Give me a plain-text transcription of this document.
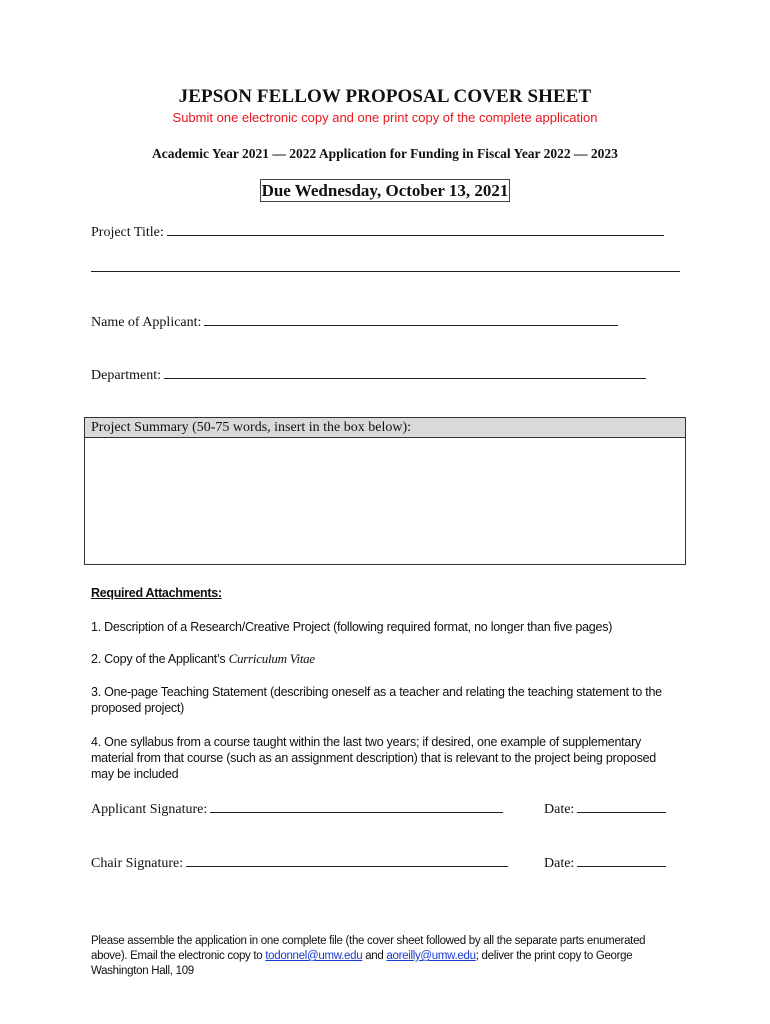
JEPSON FELLOW PROPOSAL COVER SHEET
Submit one electronic copy and one print copy of the complete application
Academic Year 2021 — 2022 Application for Funding in Fiscal Year 2022 — 2023
Due Wednesday, October 13, 2021
Project Title:
Name of Applicant:
Department:
Project Summary (50-75 words, insert in the box below):
Required Attachments:
1. Description of a Research/Creative Project (following required format, no longer than five pages)
2. Copy of the Applicant’s Curriculum Vitae
3. One-page Teaching Statement (describing oneself as a teacher and relating the teaching statement to the proposed project)
4. One syllabus from a course taught within the last two years; if desired, one example of supplementary material from that course (such as an assignment description) that is relevant to the project being proposed may be included
Applicant Signature:	Date:
Chair Signature:	Date:
Please assemble the application in one complete file (the cover sheet followed by all the separate parts enumerated above). Email the electronic copy to todonnel@umw.edu and aoreilly@umw.edu; deliver the print copy to George Washington Hall, 109
